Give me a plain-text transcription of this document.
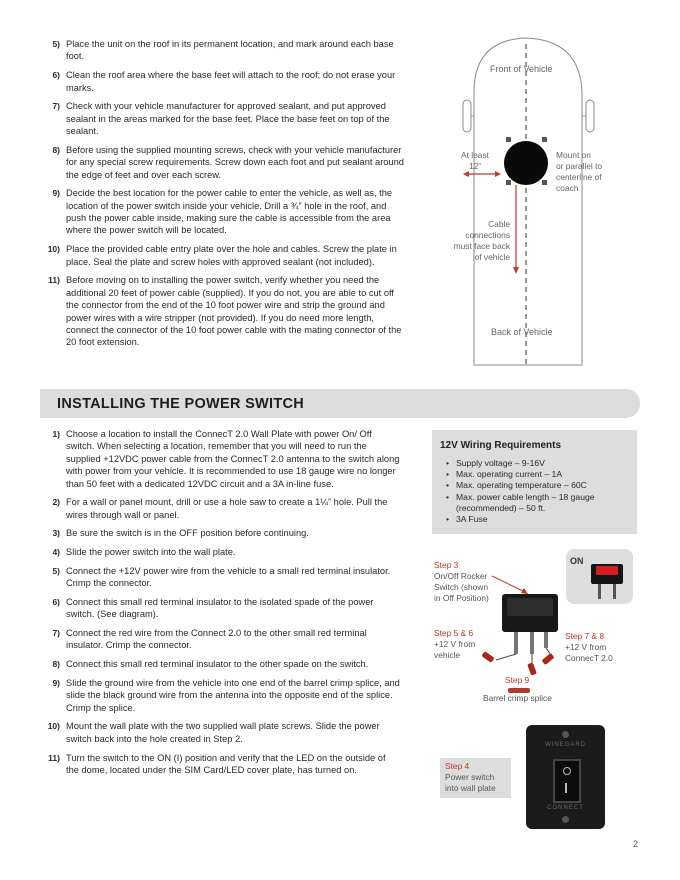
5) Place the unit on the roof in its permanent location, and mark around each base foot.
6) Clean the roof area where the base feet will attach to the roof; do not erase your marks.
7) Check with your vehicle manufacturer for approved sealant, and put approved sealant in the areas marked for the base feet. Place the base feet on top of the sealant.
8) Before using the supplied mounting screws, check with your vehicle manufacturer for any special screw requirements. Screw down each foot and put sealant around the edge of feet and over each screw.
9) Decide the best location for the power cable to enter the vehicle, as well as, the location of the power switch inside your vehicle. Drill a ¾” hole in the roof, and push the power cable inside, making sure the cable is accessible from the area where the power switch will be located.
10) Place the provided cable entry plate over the hole and cables. Screw the plate in place. Seal the plate and screw holes with approved sealant (not included).
11) Before moving on to installing the power switch, verify whether you need the additional 20 feet of power cable (supplied). If you do not, you are able to cut off the connector from the end of the 10 foot power wire and strip the ground and power wires with a wire stripper (not provided). If you do need more length, connect the connector of the 10 foot power cable with the mating connector of the 20 foot extension.
Front of Vehicle
Back of Vehicle
At least
12”
Mount on
or parallel to
centerline of
coach
Cable
connections
must face back
of vehicle
INSTALLING THE POWER SWITCH
1) Choose a location to install the ConnecT 2.0 Wall Plate with power On/ Off switch. When selecting a location, remember that you will need to run the supplied +12VDC power cable from the ConnecT 2.0 antenna to the switch along with power from your vehicle. It is recommended to use 18 gauge wire no longer than 50 feet with a dedicated 12VDC circuit and a 3A in-line fuse.
2) For a wall or panel mount, drill or use a hole saw to create a 1¼” hole. Pull the wires through wall or panel.
3) Be sure the switch is in the OFF position before continuing.
4) Slide the power switch into the wall plate.
5) Connect the +12V power wire from the vehicle to a small red terminal insulator. Crimp the connector.
6) Connect this small red terminal insulator to the isolated spade of the power switch. (See diagram).
7) Connect the red wire from the Connect 2.0 to the other small red terminal insulator. Crimp the connector.
8) Connect this small red terminal insulator to the other spade on the switch.
9) Slide the ground wire from the vehicle into one end of the barrel crimp splice, and slide the black ground wire from the antenna into the opposite end of the splice. Crimp the splice.
10) Mount the wall plate with the two supplied wall plate screws. Slide the power switch back into the hole created in Step 2.
11) Turn the switch to the ON (I) position and verify that the LED on the outside of the dome, located under the SIM Card/LED cover plate, has turned on.
12V Wiring Requirements
• Supply voltage – 9-16V
• Max. operating current – 1A
• Max. operating temperature – 60C
• Max. power cable length – 18 gauge (recommended) – 50 ft.
• 3A Fuse
Step 3
On/Off Rocker
Switch (shown
in Off Position)
ON
Step 5 & 6
+12 V from
vehicle
Step 7 & 8
+12 V from
ConnecT 2.0
Step 9
Barrel crimp splice
Step 4
Power switch
into wall plate
WINEGARD
CONNECT
2
